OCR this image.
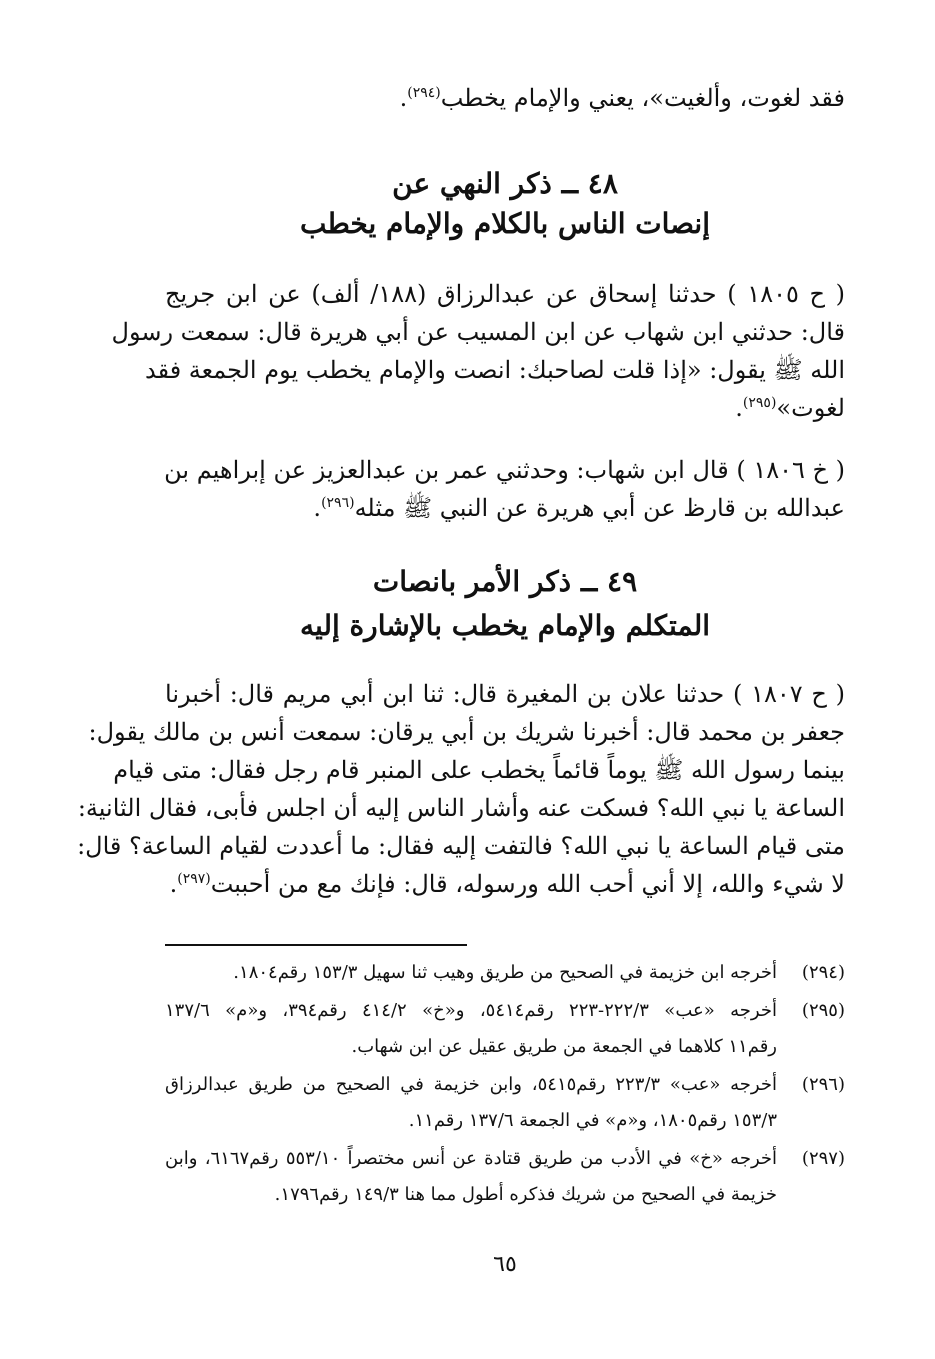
فقد لغوت، وألغيت»، يعني والإمام يخطب$^{(٢٩٤)}$.
٤٨ ــ ذكر النهي عن
إنصات الناس بالكلام والإمام يخطب
( ح ١٨٠٥ ) حدثنا إسحاق عن عبدالرزاق (١٨٨/ ألف) عن ابن جريج
قال: حدثني ابن شهاب عن ابن المسيب عن أبي هريرة قال: سمعت رسول
الله ﷺ يقول: «إذا قلت لصاحبك: انصت والإمام يخطب يوم الجمعة فقد
لغوت»$^{(٢٩٥)}$.
( خ ١٨٠٦ ) قال ابن شهاب: وحدثني عمر بن عبدالعزيز عن إبراهيم بن
عبدالله بن قارظ عن أبي هريرة عن النبي ﷺ مثله$^{(٢٩٦)}$.
٤٩ ــ ذكر الأمر بانصات
المتكلم والإمام يخطب بالإشارة إليه
( ح ١٨٠٧ ) حدثنا علان بن المغيرة قال: ثنا ابن أبي مريم قال: أخبرنا
جعفر بن محمد قال: أخبرنا شريك بن أبي يرقان: سمعت أنس بن مالك يقول:
بينما رسول الله ﷺ يوماً قائماً يخطب على المنبر قام رجل فقال: متى قيام
الساعة يا نبي الله؟ فسكت عنه وأشار الناس إليه أن اجلس فأبى، فقال الثانية:
متى قيام الساعة يا نبي الله؟ فالتفت إليه فقال: ما أعددت لقيام الساعة؟ قال:
لا شيء والله، إلا أني أحب الله ورسوله، قال: فإنك مع من أحببت$^{(٢٩٧)}$.
(٢٩٤)
أخرجه ابن خزيمة في الصحيح من طريق وهيب ثنا سهيل ١٥٣/٣ رقم١٨٠٤.
(٢٩٥)
أخرجه «عب» ٢٢٢/٣-٢٢٣ رقم٥٤١٤، و«خ» ٤١٤/٢ رقم٣٩٤، و«م» ١٣٧/٦
رقم١١ كلاهما في الجمعة من طريق عقيل عن ابن شهاب.
(٢٩٦)
أخرجه «عب» ٢٢٣/٣ رقم٥٤١٥، وابن خزيمة في الصحيح من طريق عبدالرزاق
١٥٣/٣ رقم١٨٠٥، و«م» في الجمعة ١٣٧/٦ رقم١١.
(٢٩٧)
أخرجه «خ» في الأدب من طريق قتادة عن أنس مختصراً ٥٥٣/١٠ رقم٦١٦٧، وابن
خزيمة في الصحيح من شريك فذكره أطول مما هنا ١٤٩/٣ رقم١٧٩٦.
٦٥
